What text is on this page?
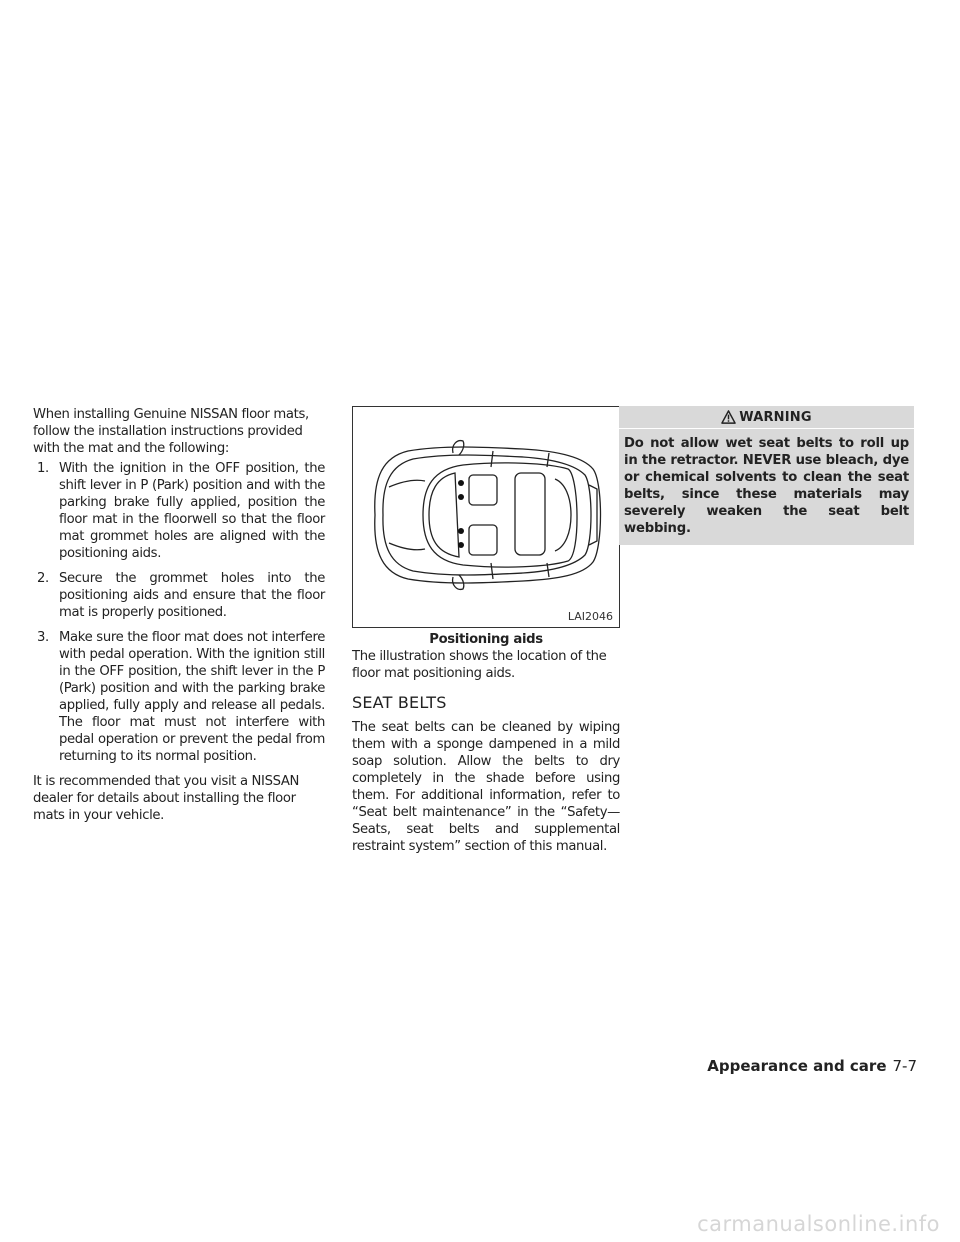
When installing Genuine NISSAN floor mats, follow the installation instructions provided with the mat and the following:

1. With the ignition in the OFF position, the shift lever in P (Park) position and with the parking brake fully applied, position the floor mat in the floorwell so that the floor mat grommet holes are aligned with the positioning aids.
2. Secure the grommet holes into the positioning aids and ensure that the floor mat is properly positioned.
3. Make sure the floor mat does not interfere with pedal operation. With the ignition still in the OFF position, the shift lever in the P (Park) position and with the parking brake applied, fully apply and release all pedals. The floor mat must not interfere with pedal operation or prevent the pedal from returning to its normal position.

It is recommended that you visit a NISSAN dealer for details about installing the floor mats in your vehicle.

LAI2046

Positioning aids

The illustration shows the location of the floor mat positioning aids.

SEAT BELTS

The seat belts can be cleaned by wiping them with a sponge dampened in a mild soap solution. Allow the belts to dry completely in the shade before using them. For additional information, refer to “Seat belt maintenance” in the “Safety—Seats, seat belts and supplemental restraint system” section of this manual.

WARNING
Do not allow wet seat belts to roll up in the retractor. NEVER use bleach, dye or chemical solvents to clean the seat belts, since these materials may severely weaken the seat belt webbing.
Appearance and care 7-7
carmanualsonline.info
